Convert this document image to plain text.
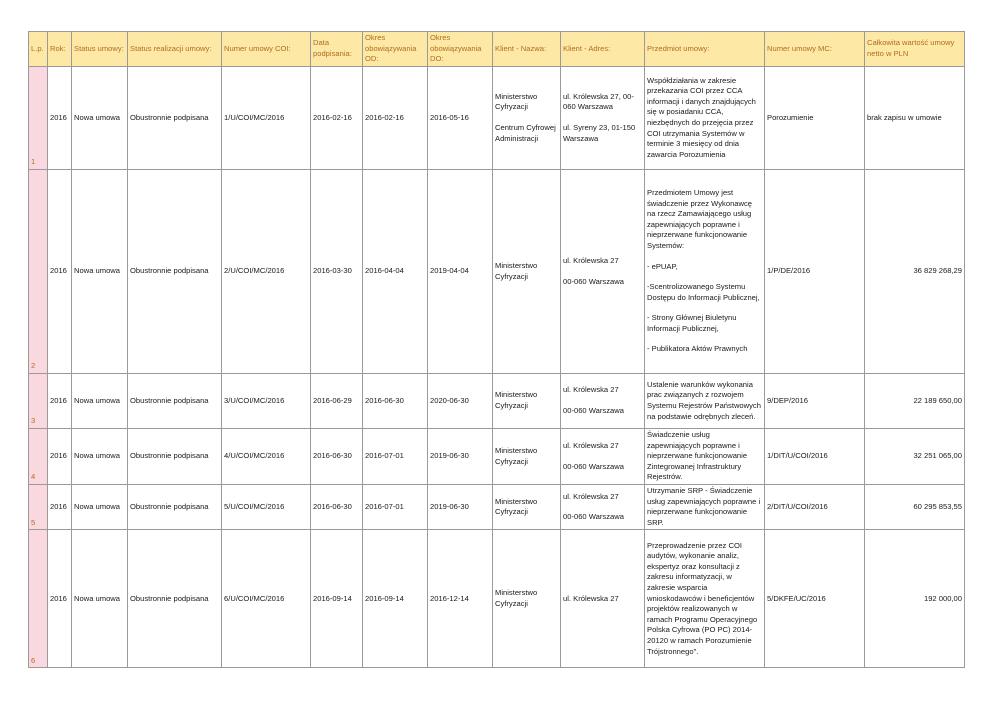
L.p.	Rok:	Status umowy:	Status realizacji umowy:	Numer umowy COI:	Data podpisania:	Okres obowiązywania OD:	Okres obowiązywania DO:	Klient - Nazwa:	Klient - Adres:	Przedmiot umowy:	Numer umowy MC:	Całkowita wartość umowy netto w PLN
1	2016	Nowa umowa	Obustronnie podpisana	1/U/COI/MC/2016	2016-02-16	2016-02-16	2016-05-16	Ministerstwo Cyfryzacji
Centrum Cyfrowej Administracji	ul. Królewska 27, 00-060 Warszawa
ul. Syreny 23, 01-150 Warszawa	Współdziałania w zakresie przekazania COI przez CCA informacji i danych znajdujących się w posiadaniu CCA, niezbędnych do przejęcia przez COI utrzymania Systemów w terminie 3 miesięcy od dnia zawarcia Porozumienia	Porozumienie	brak zapisu w umowie
2	2016	Nowa umowa	Obustronnie podpisana	2/U/COI/MC/2016	2016-03-30	2016-04-04	2019-04-04	Ministerstwo Cyfryzacji	ul. Królewska 27
00-060 Warszawa	Przedmiotem Umowy jest świadczenie przez Wykonawcę na rzecz Zamawiającego usług zapewniających poprawne i nieprzerwane funkcjonowanie Systemów:
- ePUAP,
-Scentrolizowanego Systemu Dostępu do Informacji Publicznej,
- Strony Głównej Biuletynu Informacji Publicznej,
- Publikatora Aktów Prawnych	1/P/DE/2016	36 829 268,29
3	2016	Nowa umowa	Obustronnie podpisana	3/U/COI/MC/2016	2016-06-29	2016-06-30	2020-06-30	Ministerstwo Cyfryzacji	ul. Królewska 27
00-060 Warszawa	Ustalenie warunków wykonania prac związanych z rozwojem Systemu Rejestrów Państwowych na podstawie odrębnych zleceń.	9/DEP/2016	22 189 650,00
4	2016	Nowa umowa	Obustronnie podpisana	4/U/COI/MC/2016	2016-06-30	2016-07-01	2019-06-30	Ministerstwo Cyfryzacji	ul. Królewska 27
00-060 Warszawa	Świadczenie usług zapewniających poprawne i nieprzerwane funkcjonowanie Zintegrowanej Infrastruktury Rejestrów.	1/DIT/U/COI/2016	32 251 065,00
5	2016	Nowa umowa	Obustronnie podpisana	5/U/COI/MC/2016	2016-06-30	2016-07-01	2019-06-30	Ministerstwo Cyfryzacji	ul. Królewska 27
00-060 Warszawa	Utrzymanie SRP - Świadczenie usług zapewniających poprawne i nieprzerwane funkcjonowanie SRP.	2/DIT/U/COI/2016	60 295 853,55
6	2016	Nowa umowa	Obustronnie podpisana	6/U/COI/MC/2016	2016-09-14	2016-09-14	2016-12-14	Ministerstwo Cyfryzacji	ul. Królewska 27	Przeprowadzenie przez COI audytów, wykonanie analiz, ekspertyz oraz konsultacji z zakresu informatyzacji, w zakresie wsparcia wnioskodawców i beneficjentów projektów realizowanych w ramach Programu Operacyjnego Polska Cyfrowa (PO PC) 2014-20120 w ramach Porozumienie Trójstronnego".	5/DKFE/UC/2016	192 000,00
